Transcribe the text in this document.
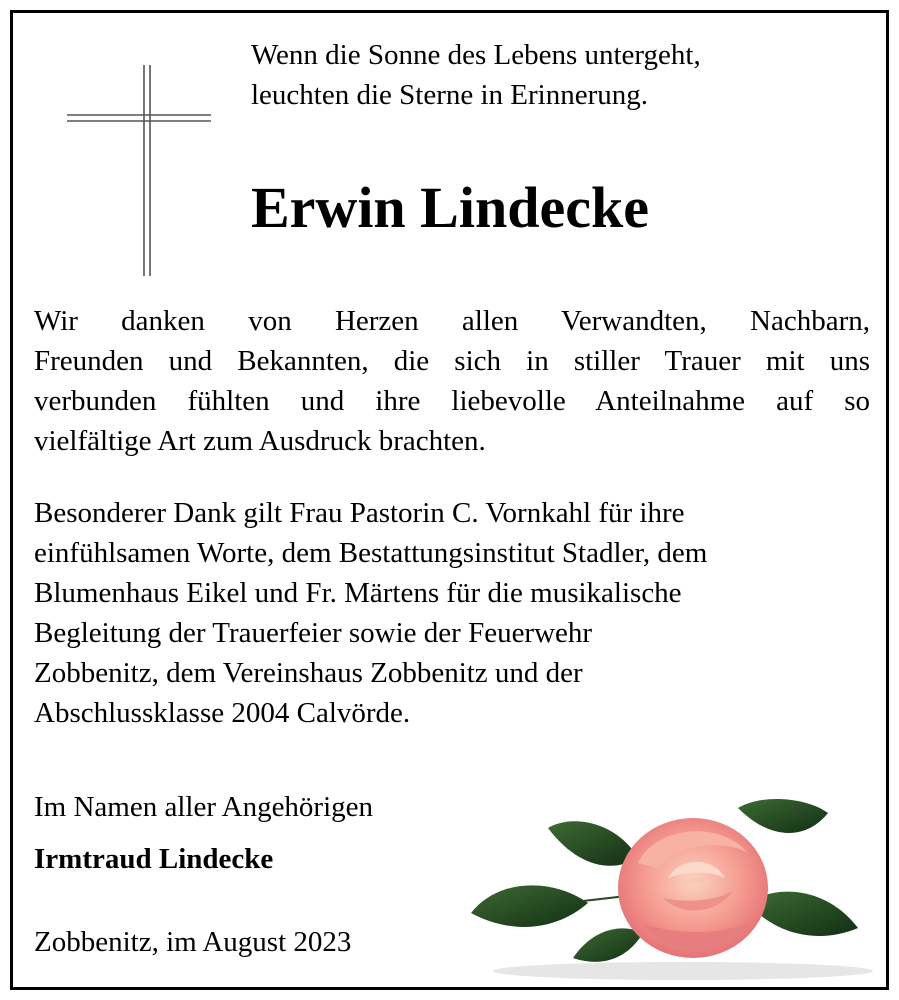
Wenn die Sonne des Lebens untergeht,
leuchten die Sterne in Erinnerung.
Erwin Lindecke
Wir danken von Herzen allen Verwandten, Nachbarn,
Freunden und Bekannten, die sich in stiller Trauer mit uns
verbunden fühlten und ihre liebevolle Anteilnahme auf so
vielfältige Art zum Ausdruck brachten.
Besonderer Dank gilt Frau Pastorin C. Vornkahl für ihre
einfühlsamen Worte, dem Bestattungsinstitut Stadler, dem
Blumenhaus Eikel und Fr. Märtens für die musikalische
Begleitung der Trauerfeier sowie der Feuerwehr
Zobbenitz, dem Vereinshaus Zobbenitz und der
Abschlussklasse 2004 Calvörde.
Im Namen aller Angehörigen
Irmtraud Lindecke
Zobbenitz, im August 2023
